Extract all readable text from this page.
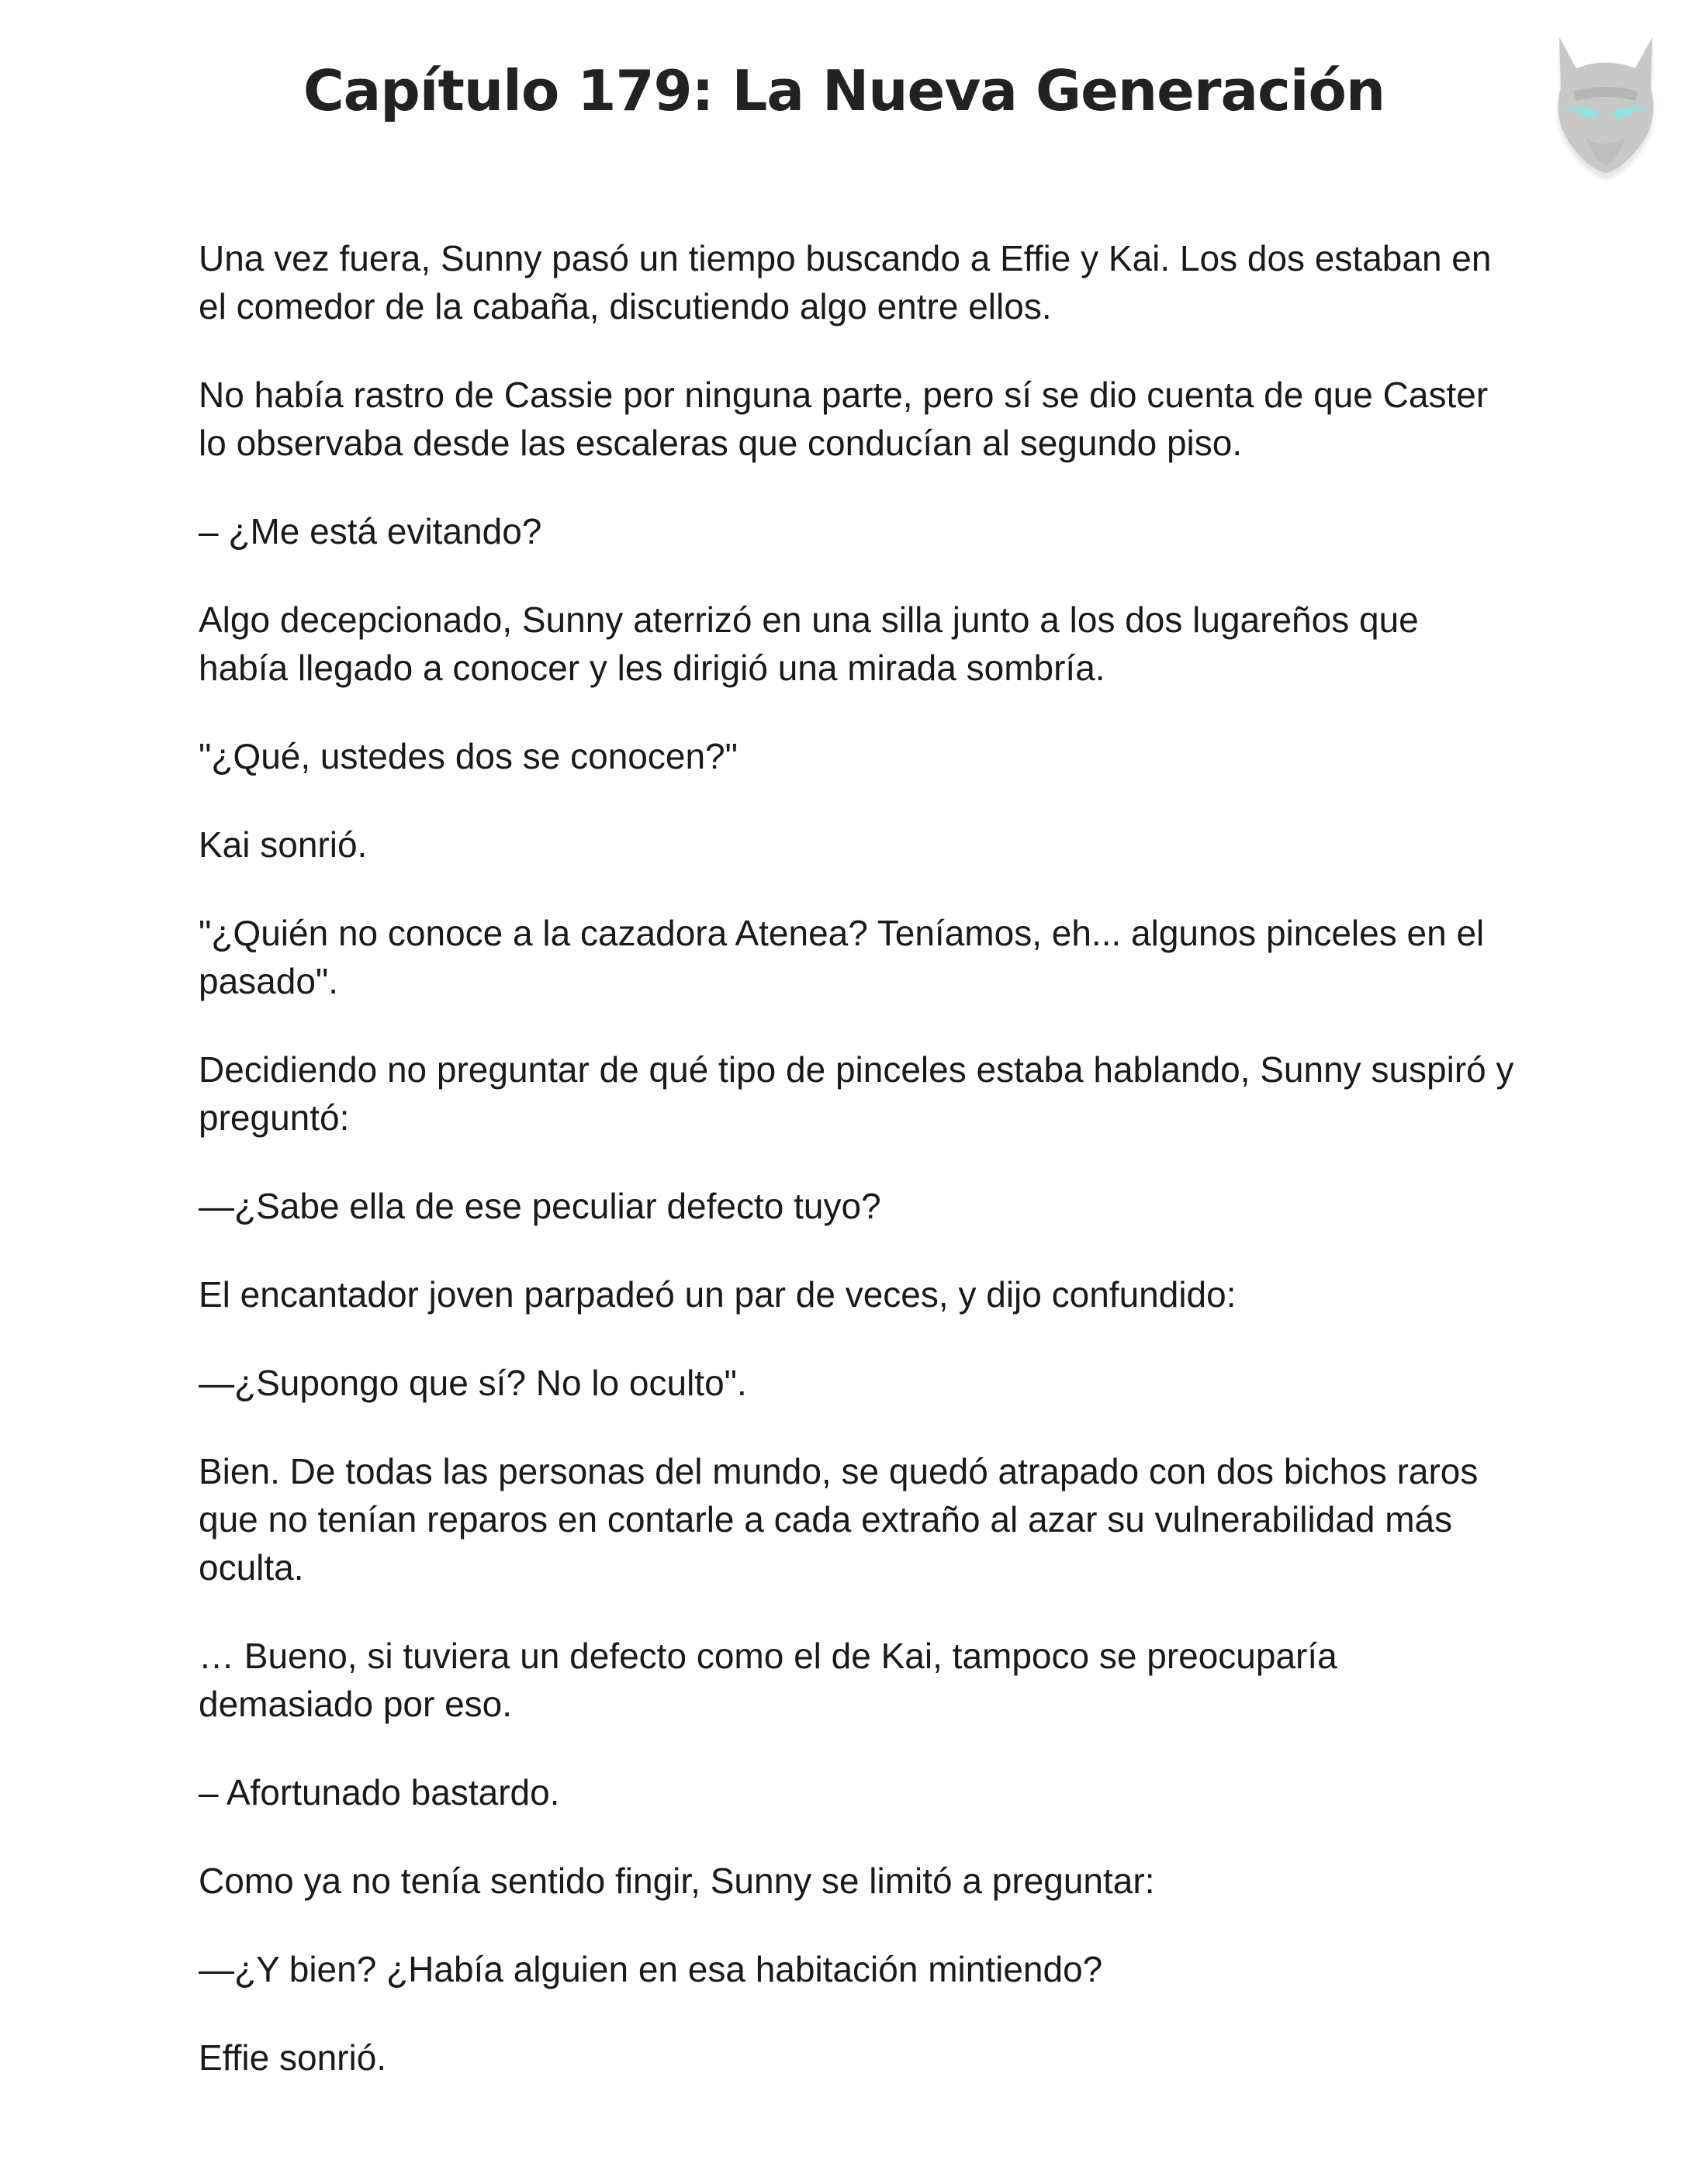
Capítulo 179: La Nueva Generación

Una vez fuera, Sunny pasó un tiempo buscando a Effie y Kai. Los dos estaban en el comedor de la cabaña, discutiendo algo entre ellos.

No había rastro de Cassie por ninguna parte, pero sí se dio cuenta de que Caster lo observaba desde las escaleras que conducían al segundo piso.

– ¿Me está evitando?

Algo decepcionado, Sunny aterrizó en una silla junto a los dos lugareños que había llegado a conocer y les dirigió una mirada sombría.

"¿Qué, ustedes dos se conocen?"

Kai sonrió.

"¿Quién no conoce a la cazadora Atenea? Teníamos, eh... algunos pinceles en el pasado".

Decidiendo no preguntar de qué tipo de pinceles estaba hablando, Sunny suspiró y preguntó:

—¿Sabe ella de ese peculiar defecto tuyo?

El encantador joven parpadeó un par de veces, y dijo confundido:

—¿Supongo que sí? No lo oculto".

Bien. De todas las personas del mundo, se quedó atrapado con dos bichos raros que no tenían reparos en contarle a cada extraño al azar su vulnerabilidad más oculta.

… Bueno, si tuviera un defecto como el de Kai, tampoco se preocuparía demasiado por eso.

– Afortunado bastardo.

Como ya no tenía sentido fingir, Sunny se limitó a preguntar:

—¿Y bien? ¿Había alguien en esa habitación mintiendo?

Effie sonrió.
